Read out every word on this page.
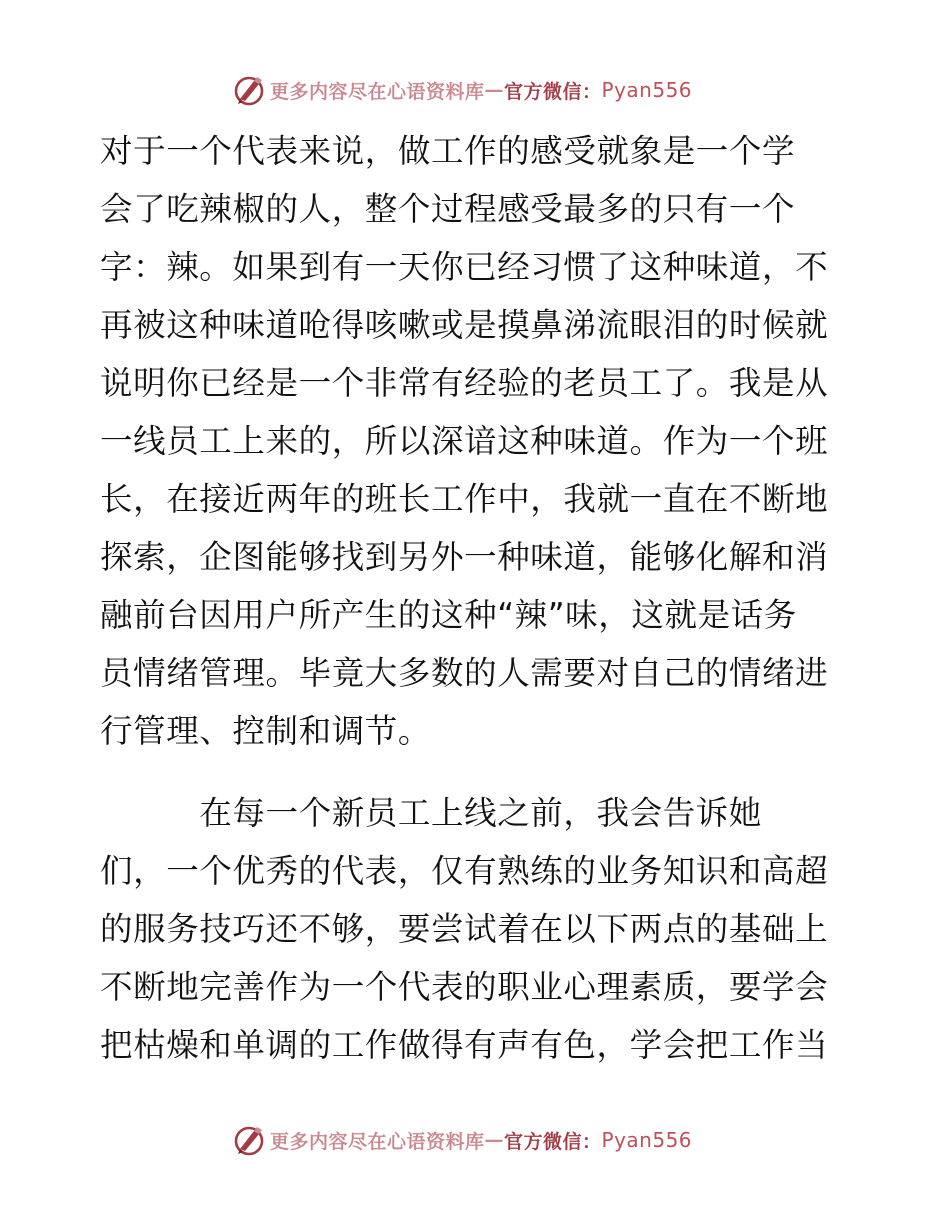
更多内容尽在心语资料库 — 官方微信： Pyan556
对于一个代表来说，做工作的感受就象是一个学
会了吃辣椒的人，整个过程感受最多的只有一个
字：辣。如果到有一天你已经习惯了这种味道，不
再被这种味道呛得咳嗽或是摸鼻涕流眼泪的时候就
说明你已经是一个非常有经验的老员工了。我是从
一线员工上来的，所以深谙这种味道。作为一个班
长，在接近两年的班长工作中，我就一直在不断地
探索，企图能够找到另外一种味道，能够化解和消
融前台因用户所产生的这种“辣”味，这就是话务
员情绪管理。毕竟大多数的人需要对自己的情绪进
行管理、控制和调节。
　　　在每一个新员工上线之前，我会告诉她
们，一个优秀的代表，仅有熟练的业务知识和高超
的服务技巧还不够，要尝试着在以下两点的基础上
不断地完善作为一个代表的职业心理素质，要学会
把枯燥和单调的工作做得有声有色，学会把工作当
更多内容尽在心语资料库 — 官方微信： Pyan556
